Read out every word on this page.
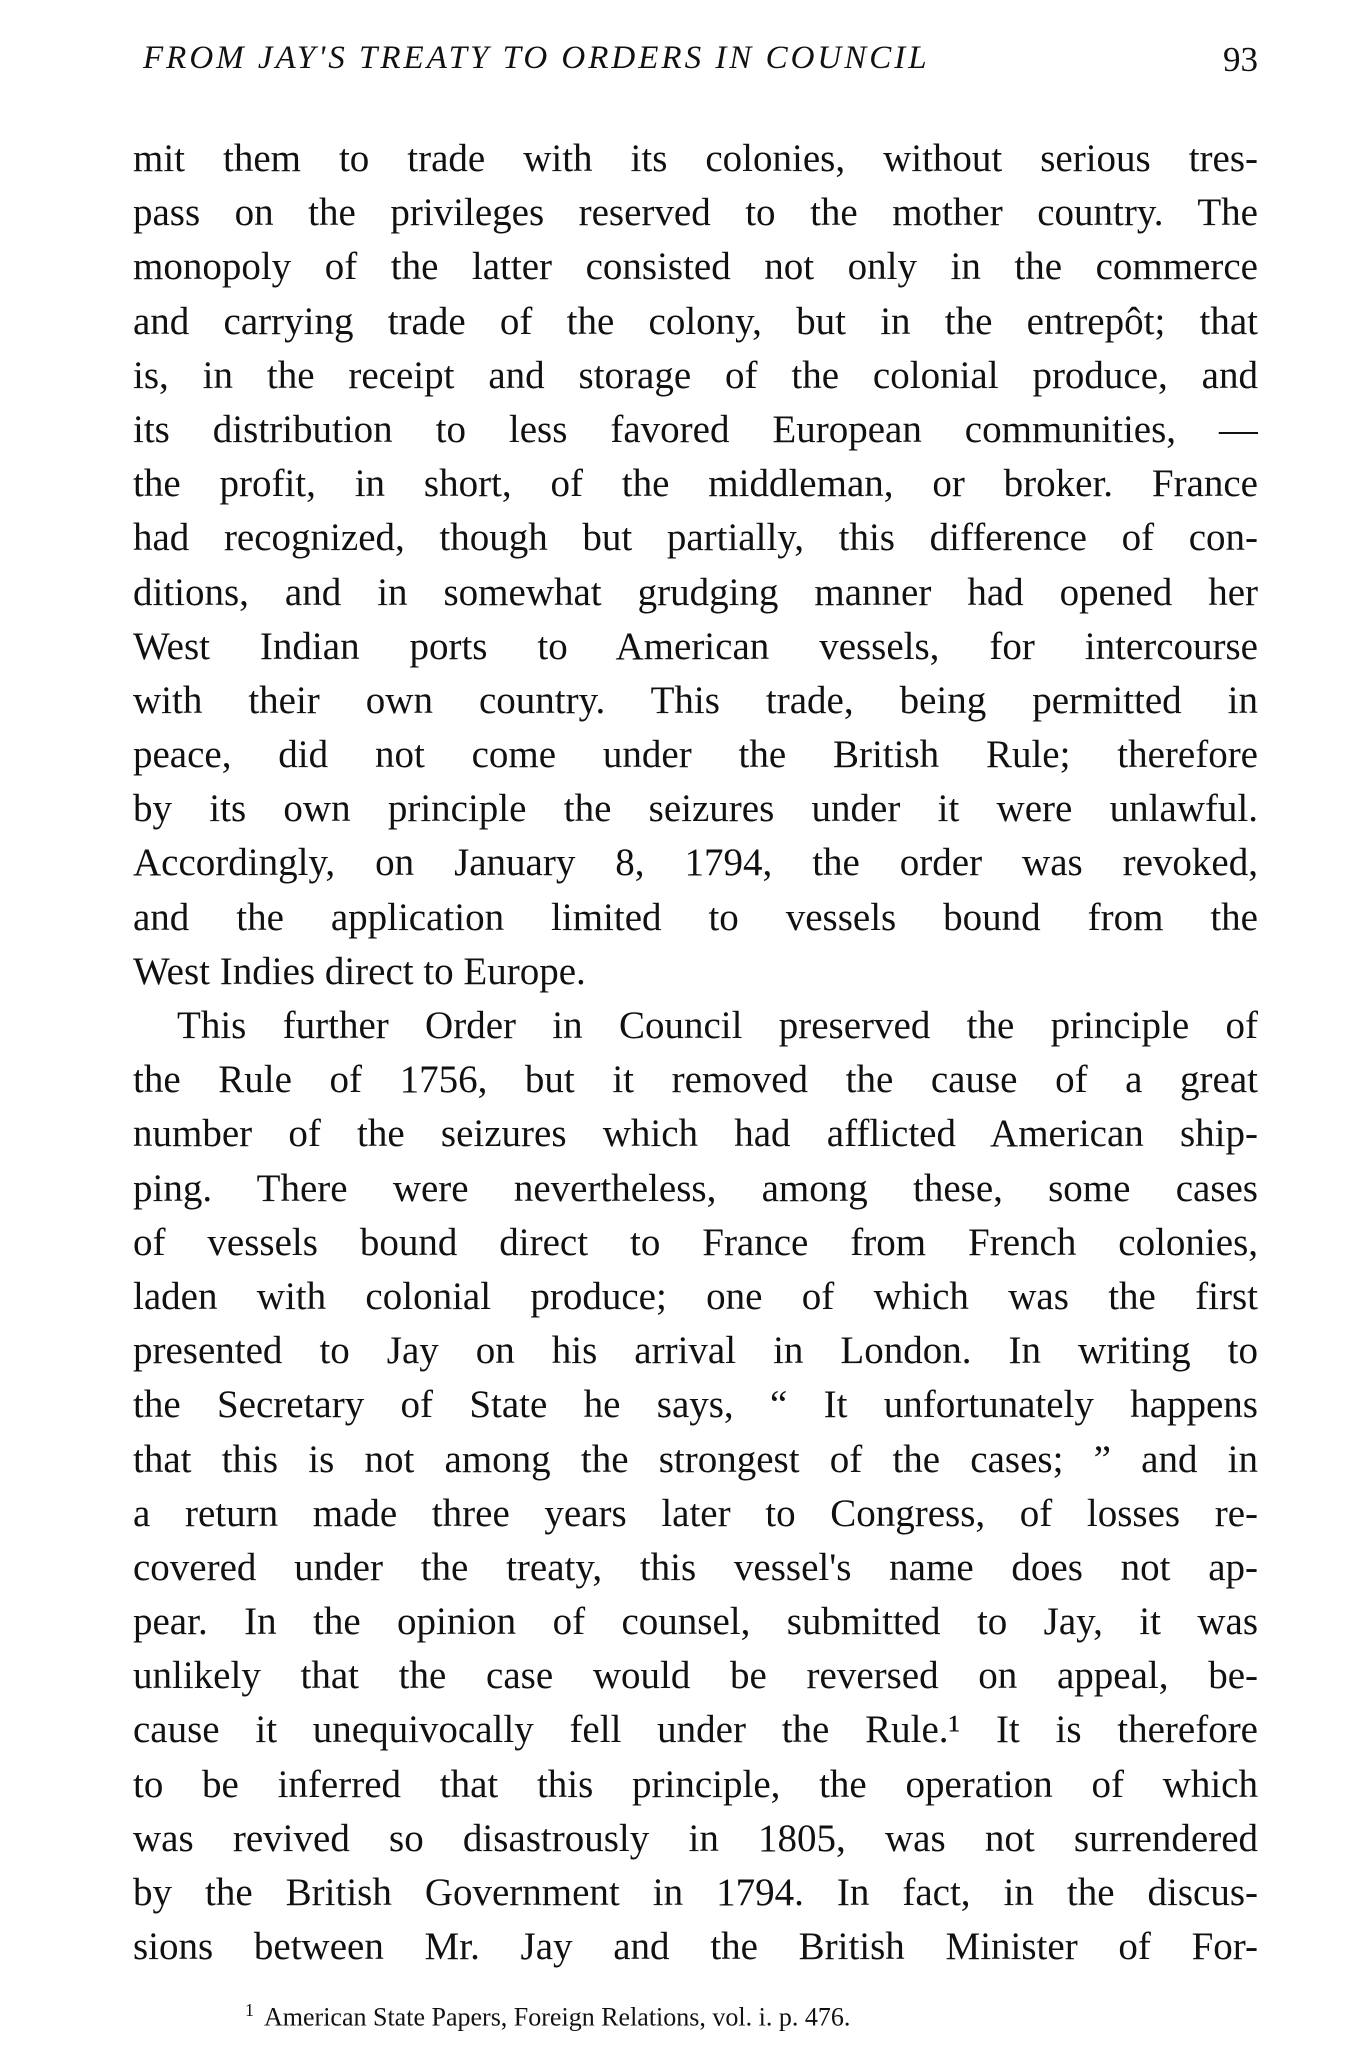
FROM JAY'S TREATY TO ORDERS IN COUNCIL	93
mit them to trade with its colonies, without serious tres-
pass on the privileges reserved to the mother country. The
monopoly of the latter consisted not only in the commerce
and carrying trade of the colony, but in the entrepôt; that
is, in the receipt and storage of the colonial produce, and
its distribution to less favored European communities, —
the profit, in short, of the middleman, or broker. France
had recognized, though but partially, this difference of con-
ditions, and in somewhat grudging manner had opened her
West Indian ports to American vessels, for intercourse
with their own country. This trade, being permitted in
peace, did not come under the British Rule; therefore
by its own principle the seizures under it were unlawful.
Accordingly, on January 8, 1794, the order was revoked,
and the application limited to vessels bound from the
West Indies direct to Europe.
This further Order in Council preserved the principle of
the Rule of 1756, but it removed the cause of a great
number of the seizures which had afflicted American ship-
ping. There were nevertheless, among these, some cases
of vessels bound direct to France from French colonies,
laden with colonial produce; one of which was the first
presented to Jay on his arrival in London. In writing to
the Secretary of State he says, “ It unfortunately happens
that this is not among the strongest of the cases; ” and in
a return made three years later to Congress, of losses re-
covered under the treaty, this vessel's name does not ap-
pear. In the opinion of counsel, submitted to Jay, it was
unlikely that the case would be reversed on appeal, be-
cause it unequivocally fell under the Rule.¹ It is therefore
to be inferred that this principle, the operation of which
was revived so disastrously in 1805, was not surrendered
by the British Government in 1794. In fact, in the discus-
sions between Mr. Jay and the British Minister of For-
$^1$ American State Papers, Foreign Relations, vol. i. p. 476.
